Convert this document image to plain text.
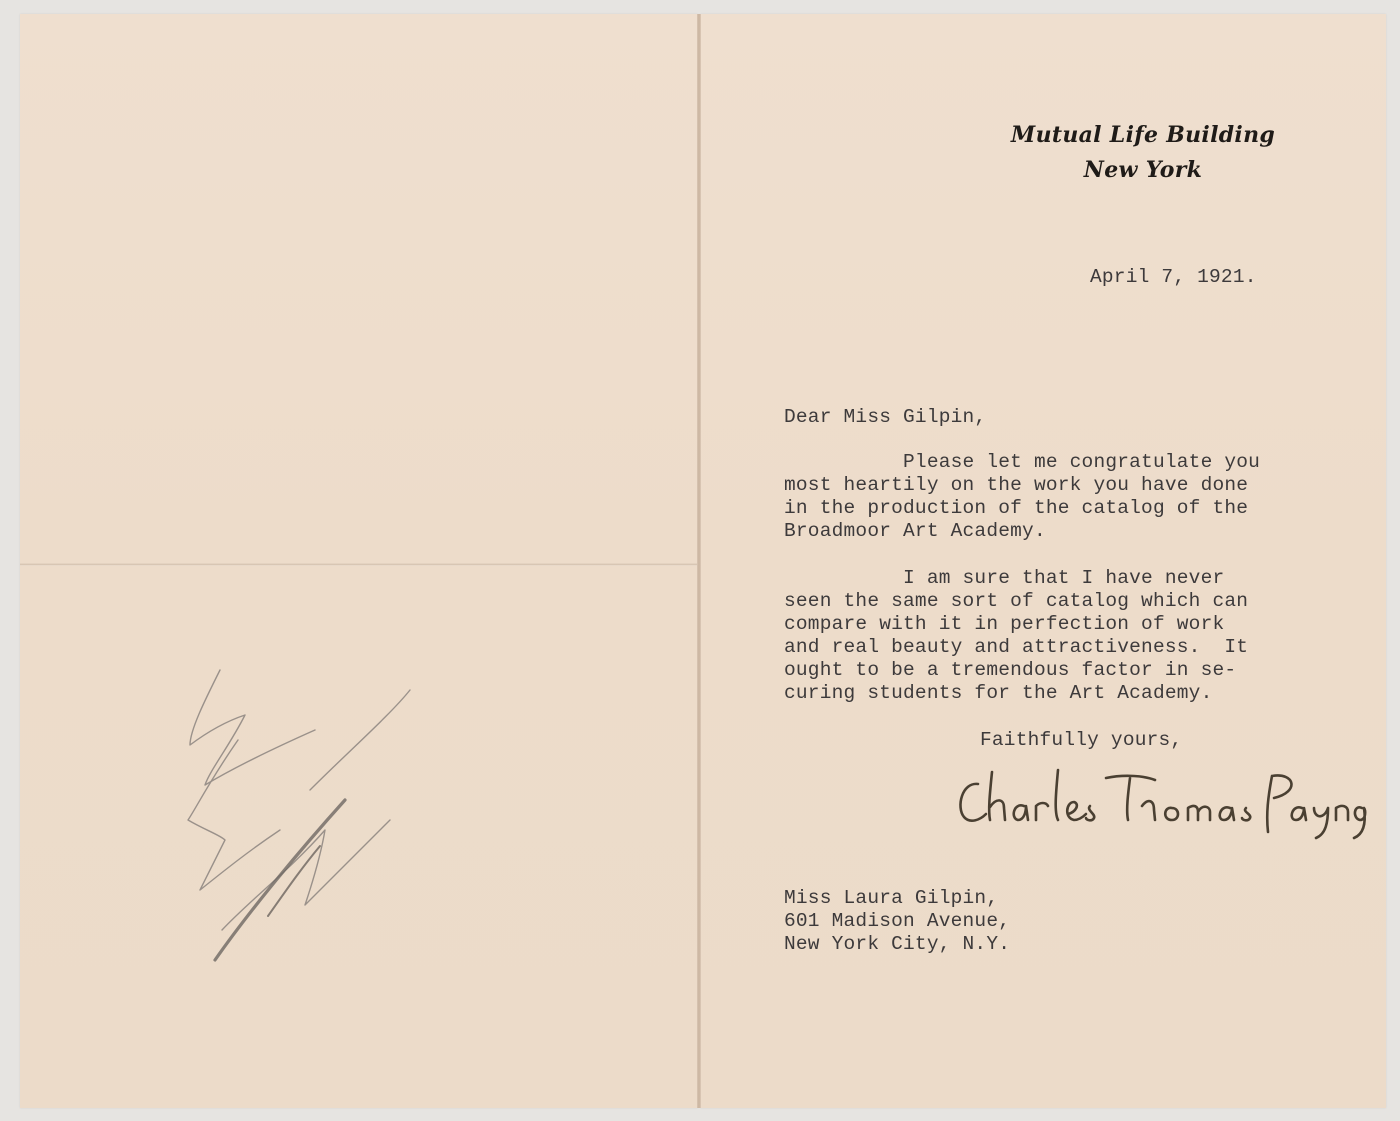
Mutual Life Building
New York
April 7, 1921.
Dear Miss Gilpin,
Please let me congratulate you
most heartily on the work you have done
in the production of the catalog of the
Broadmoor Art Academy.
I am sure that I have never
seen the same sort of catalog which can
compare with it in perfection of work
and real beauty and attractiveness.  It
ought to be a tremendous factor in se-
curing students for the Art Academy.
Faithfully yours,
Miss Laura Gilpin,
601 Madison Avenue,
New York City, N.Y.
